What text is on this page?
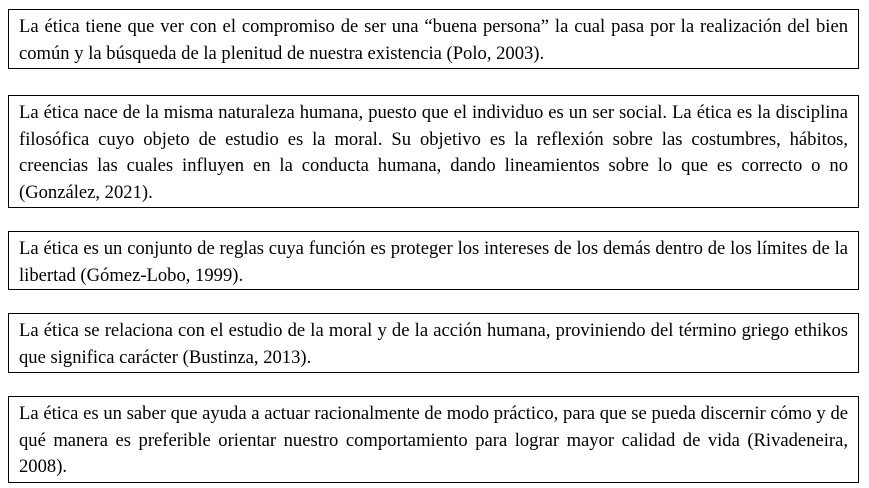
La ética tiene que ver con el compromiso de ser una “buena persona” la cual pasa por la realización del bien común y la búsqueda de la plenitud de nuestra existencia (Polo, 2003).

La ética nace de la misma naturaleza humana, puesto que el individuo es un ser social. La ética es la disciplina filosófica cuyo objeto de estudio es la moral. Su objetivo es la reflexión sobre las costumbres, hábitos, creencias las cuales influyen en la conducta humana, dando lineamientos sobre lo que es correcto o no (González, 2021).

La ética es un conjunto de reglas cuya función es proteger los intereses de los demás dentro de los límites de la libertad (Gómez-Lobo, 1999).

La ética se relaciona con el estudio de la moral y de la acción humana, proviniendo del término griego ethikos que significa carácter (Bustinza, 2013).

La ética es un saber que ayuda a actuar racionalmente de modo práctico, para que se pueda discernir cómo y de qué manera es preferible orientar nuestro comportamiento para lograr mayor calidad de vida (Rivadeneira, 2008).
